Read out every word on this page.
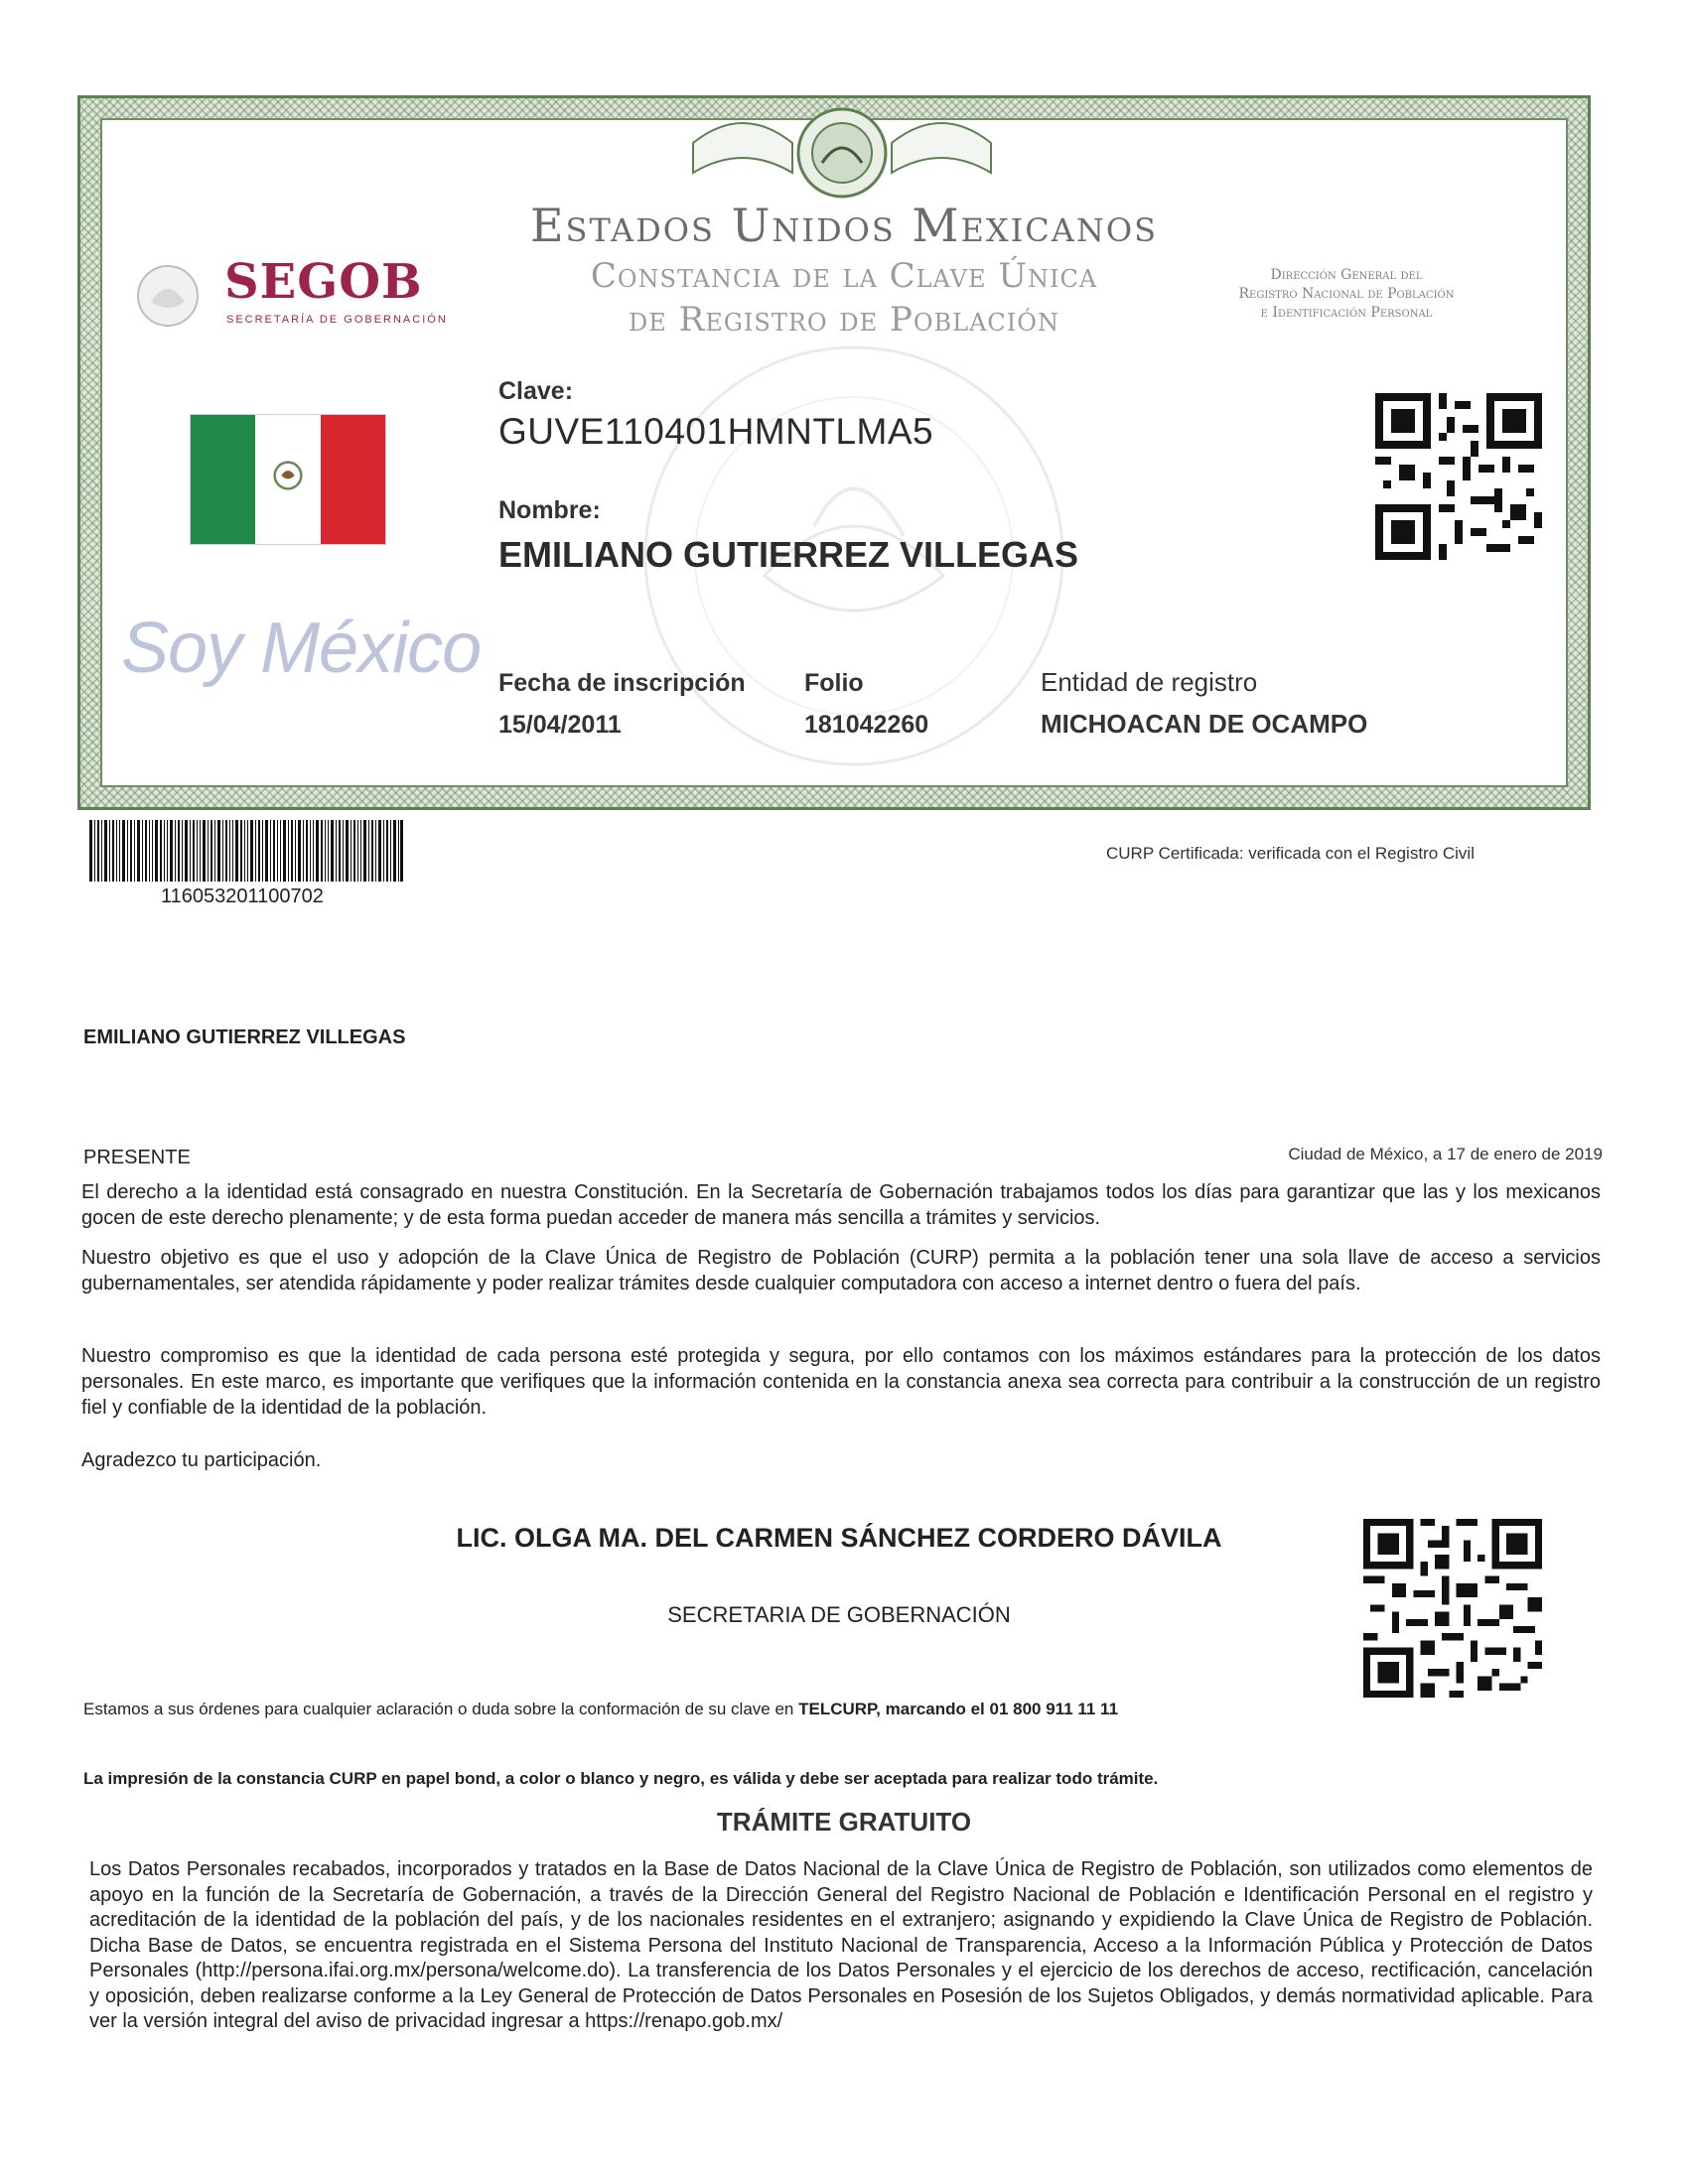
Estados Unidos Mexicanos
Constancia de la Clave Única
de Registro de Población
Dirección General del
Registro Nacional de Población
e Identificación Personal
SEGOB
SECRETARÍA DE GOBERNACIÓN
Soy México
Clave:
GUVE110401HMNTLMA5
Nombre:
EMILIANO GUTIERREZ VILLEGAS
Fecha de inscripción
15/04/2011
Folio
181042260
Entidad de registro
MICHOACAN DE OCAMPO
116053201100702
CURP Certificada: verificada con el Registro Civil
EMILIANO GUTIERREZ VILLEGAS
PRESENTE	Ciudad de México, a 17 de enero de 2019
El derecho a la identidad está consagrado en nuestra Constitución. En la Secretaría de Gobernación trabajamos todos los días para garantizar que las y los mexicanos gocen de este derecho plenamente; y de esta forma puedan acceder de manera más sencilla a trámites y servicios.
Nuestro objetivo es que el uso y adopción de la Clave Única de Registro de Población (CURP) permita a la población tener una sola llave de acceso a servicios gubernamentales, ser atendida rápidamente y poder realizar trámites desde cualquier computadora con acceso a internet dentro o fuera del país.
Nuestro compromiso es que la identidad de cada persona esté protegida y segura, por ello contamos con los máximos estándares para la protección de los datos personales. En este marco, es importante que verifiques que la información contenida en la constancia anexa sea correcta para contribuir a la construcción de un registro fiel y confiable de la identidad de la población.
Agradezco tu participación.
LIC. OLGA MA. DEL CARMEN SÁNCHEZ CORDERO DÁVILA
SECRETARIA DE GOBERNACIÓN
Estamos a sus órdenes para cualquier aclaración o duda sobre la conformación de su clave en TELCURP, marcando el 01 800 911 11 11
La impresión de la constancia CURP en papel bond, a color o blanco y negro, es válida y debe ser aceptada para realizar todo trámite.
TRÁMITE GRATUITO
Los Datos Personales recabados, incorporados y tratados en la Base de Datos Nacional de la Clave Única de Registro de Población, son utilizados como elementos de apoyo en la función de la Secretaría de Gobernación, a través de la Dirección General del Registro Nacional de Población e Identificación Personal en el registro y acreditación de la identidad de la población del país, y de los nacionales residentes en el extranjero; asignando y expidiendo la Clave Única de Registro de Población. Dicha Base de Datos, se encuentra registrada en el Sistema Persona del Instituto Nacional de Transparencia, Acceso a la Información Pública y Protección de Datos Personales (http://persona.ifai.org.mx/persona/welcome.do). La transferencia de los Datos Personales y el ejercicio de los derechos de acceso, rectificación, cancelación y oposición, deben realizarse conforme a la Ley General de Protección de Datos Personales en Posesión de los Sujetos Obligados, y demás normatividad aplicable. Para ver la versión integral del aviso de privacidad ingresar a https://renapo.gob.mx/
